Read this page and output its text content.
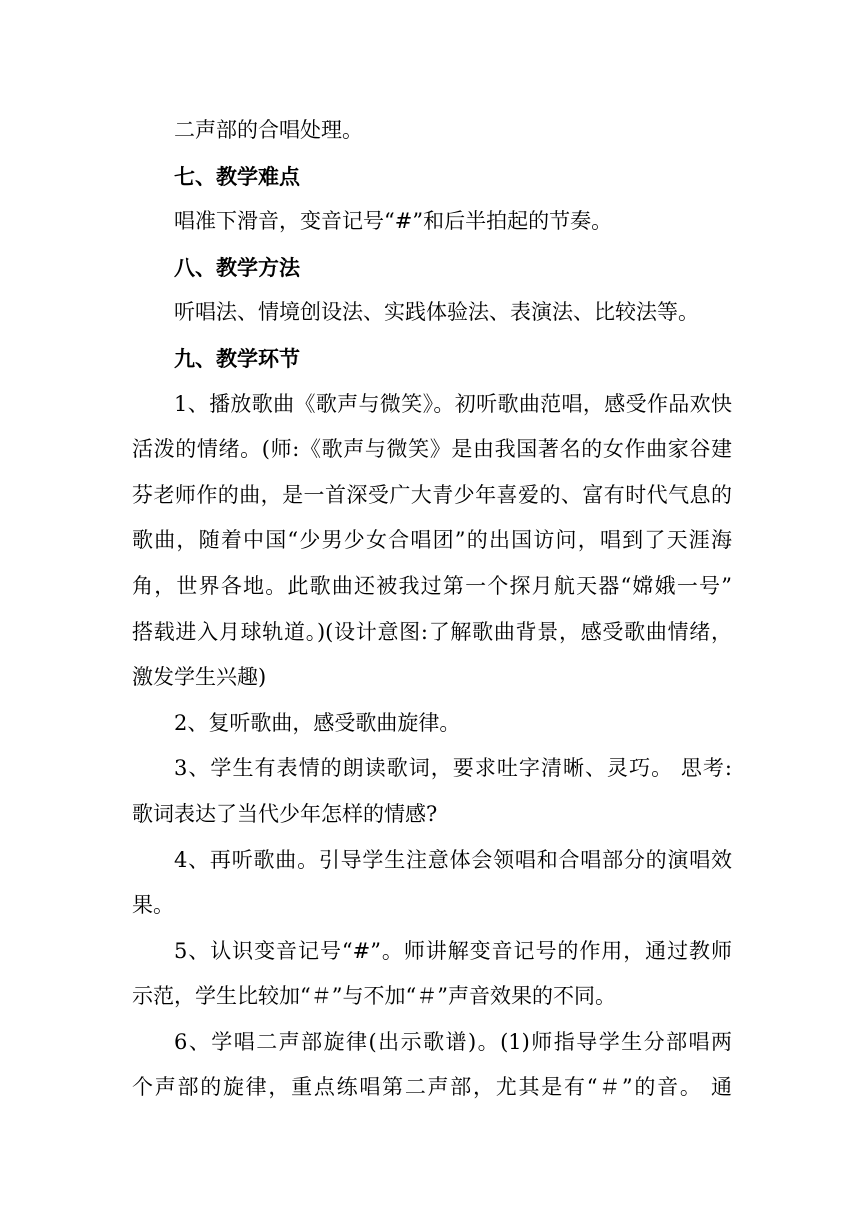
二声部的合唱处理。
七、教学难点
唱准下滑音，变音记号“#”和后半拍起的节奏。
八、教学方法
听唱法、情境创设法、实践体验法、表演法、比较法等。
九、教学环节
1、播放歌曲《歌声与微笑》。初听歌曲范唱，感受作品欢快
活泼的情绪。(师:《歌声与微笑》是由我国著名的女作曲家谷建
芬老师作的曲，是一首深受广大青少年喜爱的、富有时代气息的
歌曲，随着中国“少男少女合唱团”的出国访问，唱到了天涯海
角，世界各地。此歌曲还被我过第一个探月航天器“嫦娥一号”
搭载进入月球轨道。)(设计意图:了解歌曲背景，感受歌曲情绪，
激发学生兴趣)
2、复听歌曲，感受歌曲旋律。
3、学生有表情的朗读歌词，要求吐字清晰、灵巧。 思考:
歌词表达了当代少年怎样的情感?
4、再听歌曲。引导学生注意体会领唱和合唱部分的演唱效
果。
5、认识变音记号“#”。师讲解变音记号的作用，通过教师
示范，学生比较加“＃”与不加“＃”声音效果的不同。
6、学唱二声部旋律(出示歌谱)。(1)师指导学生分部唱两
个声部的旋律，重点练唱第二声部，尤其是有“＃”的音。 通
